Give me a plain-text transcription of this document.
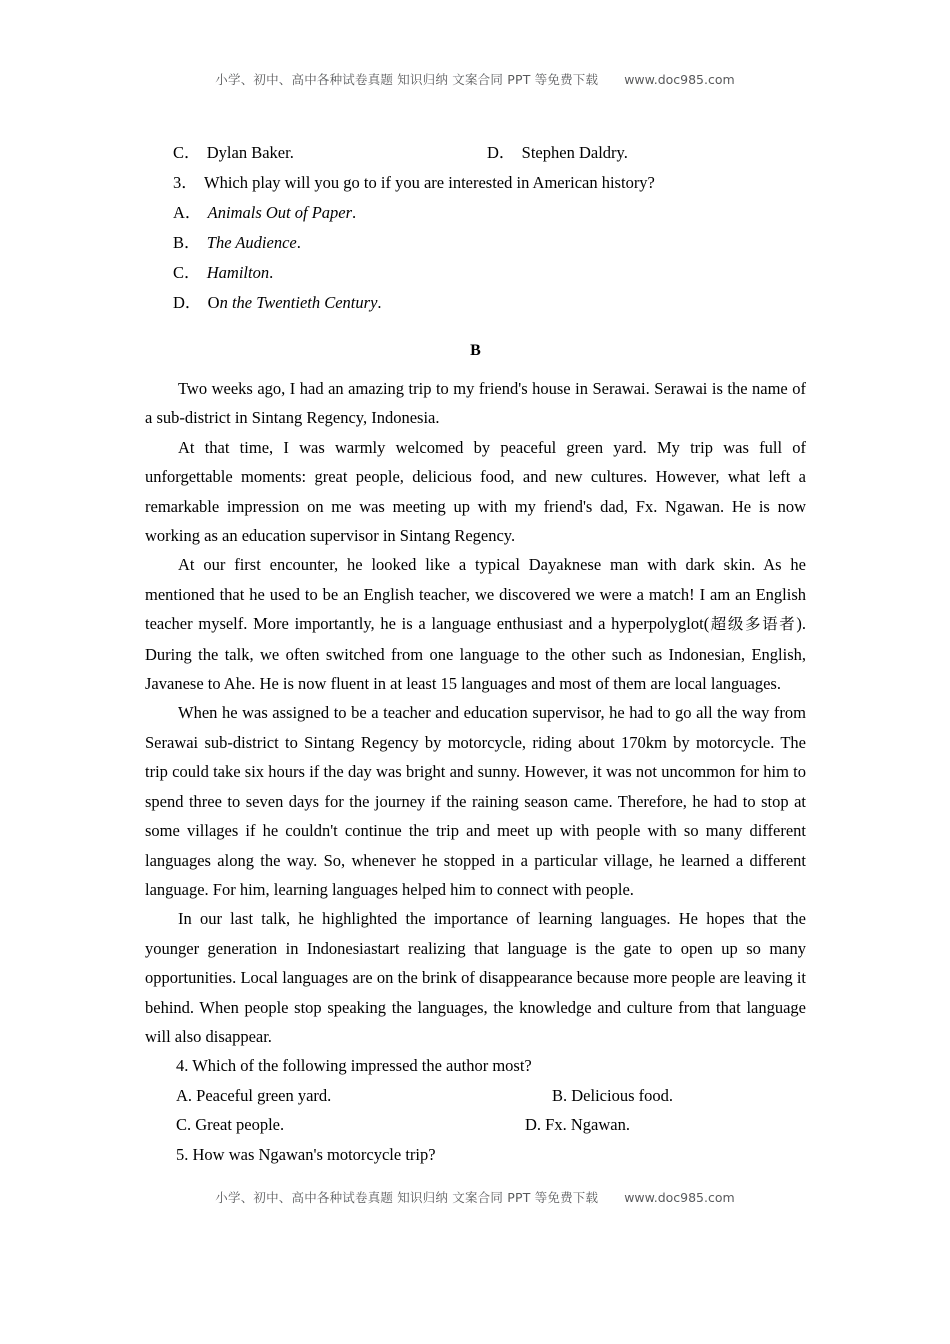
小学、初中、高中各种试卷真题 知识归纳 文案合同 PPT 等免费下载 www.doc985.com
C ． Dylan Baker.	D ． Stephen Daldry.
3 ． Which play will you go to if you are interested in American history?
A ． Animals Out of Paper.
B ． The Audience.
C ． Hamilton.
D ． On the Twentieth Century.
B

Two weeks ago, I had an amazing trip to my friend's house in Serawai. Serawai is the name of a sub-district in Sintang Regency, Indonesia.

At that time, I was warmly welcomed by peaceful green yard. My trip was full of unforgettable moments: great people, delicious food, and new cultures. However, what left a remarkable impression on me was meeting up with my friend's dad, Fx. Ngawan. He is now working as an education supervisor in Sintang Regency.

At our first encounter, he looked like a typical Dayaknese man with dark skin. As he mentioned that he used to be an English teacher, we discovered we were a match! I am an English teacher myself. More importantly, he is a language enthusiast and a hyperpolyglot(超级多语者). During the talk, we often switched from one language to the other such as Indonesian, English, Javanese to Ahe. He is now fluent in at least 15 languages and most of them are local languages.

When he was assigned to be a teacher and education supervisor, he had to go all the way from Serawai sub-district to Sintang Regency by motorcycle, riding about 170km by motorcycle. The trip could take six hours if the day was bright and sunny. However, it was not uncommon for him to spend three to seven days for the journey if the raining season came. Therefore, he had to stop at some villages if he couldn't continue the trip and meet up with people with so many different languages along the way. So, whenever he stopped in a particular village, he learned a different language. For him, learning languages helped him to connect with people.

In our last talk, he highlighted the importance of learning languages. He hopes that the younger generation in Indonesiastart realizing that language is the gate to open up so many opportunities. Local languages are on the brink of disappearance because more people are leaving it behind. When people stop speaking the languages, the knowledge and culture from that language will also disappear.

4. Which of the following impressed the author most?
A. Peaceful green yard.	B. Delicious food.
C. Great people.	D. Fx. Ngawan.
5. How was Ngawan's motorcycle trip?
小学、初中、高中各种试卷真题 知识归纳 文案合同 PPT 等免费下载 www.doc985.com
